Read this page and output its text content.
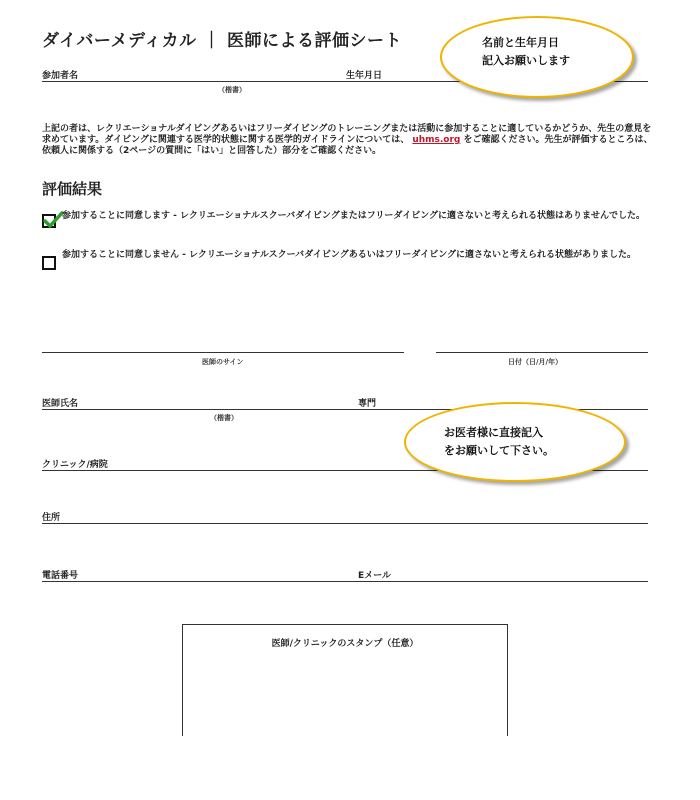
ダイバーメディカル ｜ 医師による評価シート
参加者名	生年月日
（楷書）
名前と生年月日
記入お願いします
上記の者は、レクリエーショナルダイビングあるいはフリーダイビングのトレーニングまたは活動に参加することに適しているかどうか、先生の意見を求めています。ダイビングに関連する医学的状態に関する医学的ガイドラインについては、 uhms.org をご確認ください。先生が評価するところは、依頼人に関係する（2ページの質問に「はい」と回答した）部分をご確認ください。
評価結果
参加することに同意します - レクリエーショナルスクーバダイビングまたはフリーダイビングに適さないと考えられる状態はありませんでした。
参加することに同意しません - レクリエーショナルスクーバダイビングあるいはフリーダイビングに適さないと考えられる状態がありました。
医師のサイン	日付（日/月/年）
医師氏名	専門
（楷書）
クリニック/病院
お医者様に直接記入
をお願いして下さい。
住所
電話番号	Eメール
医師/クリニックのスタンプ（任意）
